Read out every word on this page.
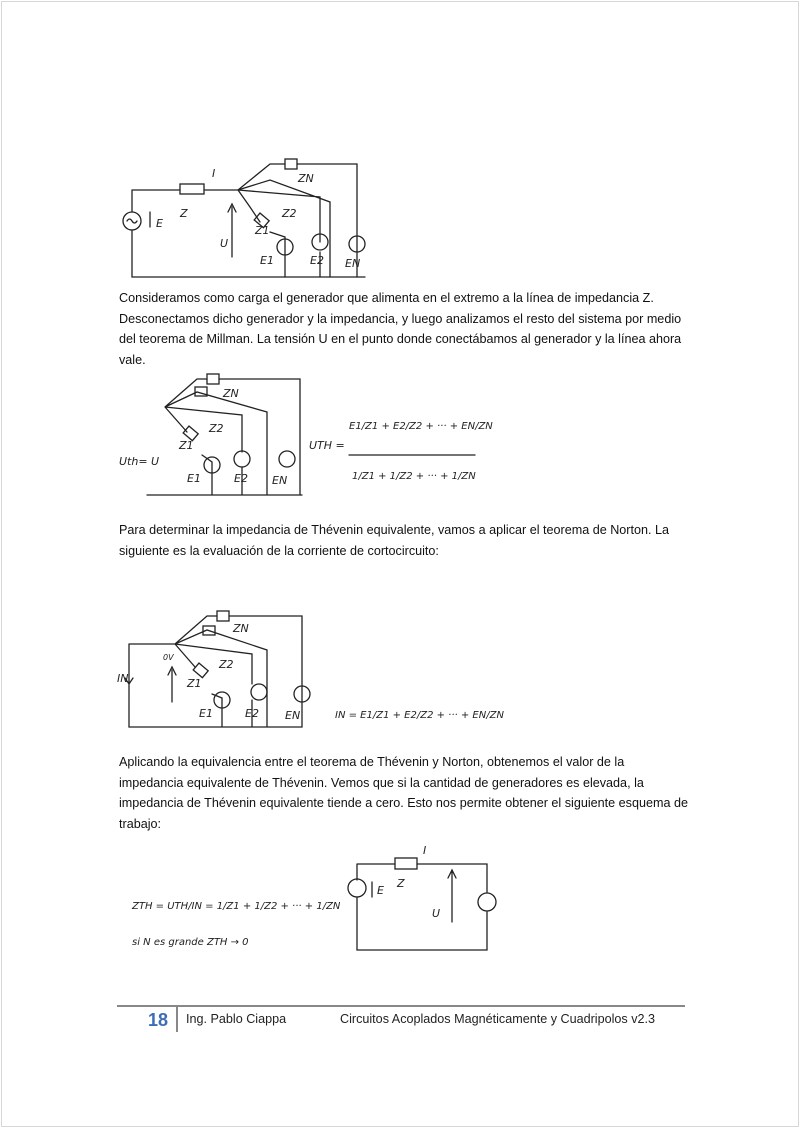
I
Z
E
U
Z1
Z2
ZN
E1	E2 EN

Consideramos como carga el generador que alimenta en el extremo a la línea de impedancia Z. Desconectamos dicho generador y la impedancia, y luego analizamos el resto del sistema por medio del teorema de Millman. La tensión U en el punto donde conectábamos al generador y la línea ahora vale.

Uth= U
Z1
Z2
ZN
E1	E2 EN
UTH =
E1/Z1 + E2/Z2 + ··· + EN/ZN
1/Z1 + 1/Z2 + ··· + 1/ZN

Para determinar la impedancia de Thévenin equivalente, vamos a aplicar el teorema de Norton. La siguiente es la evaluación de la corriente de cortocircuito:

IN
0V
Z1
Z2
ZN
E1	E2 EN	IN = E1/Z1 + E2/Z2 + ··· + EN/ZN

Aplicando la equivalencia entre el teorema de Thévenin y Norton, obtenemos el valor de la impedancia equivalente de Thévenin. Vemos que si la cantidad de generadores es elevada, la impedancia de Thévenin equivalente tiende a cero. Esto nos permite obtener el siguiente esquema de trabajo:

ZTH = UTH/IN = 1/Z1 + 1/Z2 + ··· + 1/ZN
si N es grande ZTH → 0
I
Z
E
U
18 Ing. Pablo Ciappa	Circuitos Acoplados Magnéticamente y Cuadripolos v2.3
